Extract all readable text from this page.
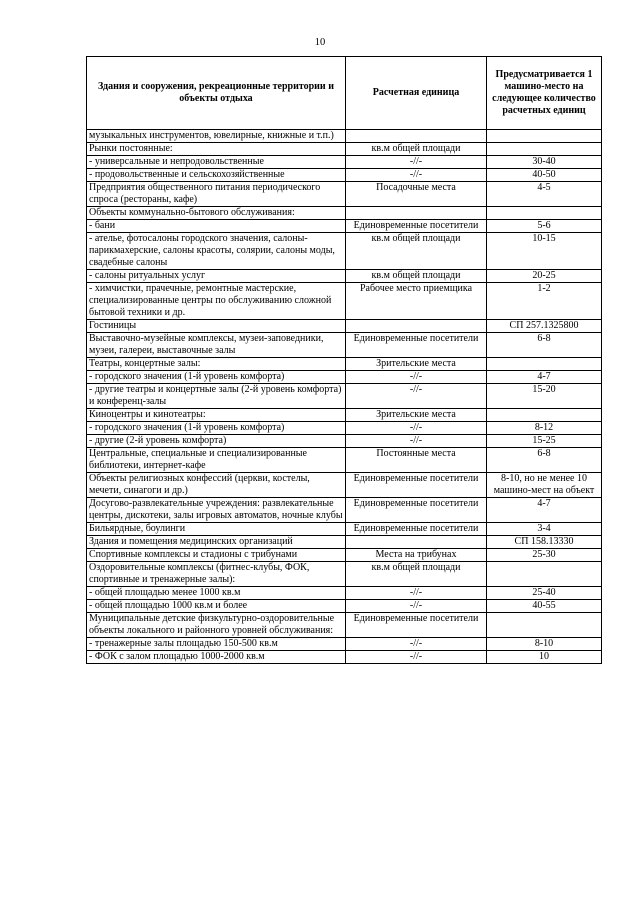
10
Здания и сооружения, рекреационные территории и объекты отдыха	Расчетная единица	Предусматривается 1 машино-место на следующее количество расчетных единиц
музыкальных инструментов, ювелирные, книжные и т.п.)		
Рынки постоянные:	кв.м общей площади	
- универсальные и непродовольственные	-//-	30-40
- продовольственные и сельскохозяйственные	-//-	40-50
Предприятия общественного питания периодического спроса (рестораны, кафе)	Посадочные места	4-5
Объекты коммунально-бытового обслуживания:		
- бани	Единовременные посетители	5-6
- ателье, фотосалоны городского значения, салоны-парикмахерские, салоны красоты, солярии, салоны моды, свадебные салоны	кв.м общей площади	10-15
- салоны ритуальных услуг	кв.м общей площади	20-25
- химчистки, прачечные, ремонтные мастерские, специализированные центры по обслуживанию сложной бытовой техники и др.	Рабочее место приемщика	1-2
Гостиницы		СП 257.1325800
Выставочно-музейные комплексы, музеи-заповедники, музеи, галереи, выставочные залы	Единовременные посетители	6-8
Театры, концертные залы:	Зрительские места	
- городского значения (1-й уровень комфорта)	-//-	4-7
- другие театры и концертные залы (2-й уровень комфорта) и конференц-залы	-//-	15-20
Киноцентры и кинотеатры:	Зрительские места	
- городского значения (1-й уровень комфорта)	-//-	8-12
- другие (2-й уровень комфорта)	-//-	15-25
Центральные, специальные и специализированные библиотеки, интернет-кафе	Постоянные места	6-8
Объекты религиозных конфессий (церкви, костелы, мечети, синагоги и др.)	Единовременные посетители	8-10, но не менее 10 машино-мест на объект
Досугово-развлекательные учреждения: развлекательные центры, дискотеки, залы игровых автоматов, ночные клубы	Единовременные посетители	4-7
Бильярдные, боулинги	Единовременные посетители	3-4
Здания и помещения медицинских организаций		СП 158.13330
Спортивные комплексы и стадионы с трибунами	Места на трибунах	25-30
Оздоровительные комплексы (фитнес-клубы, ФОК, спортивные и тренажерные залы):	кв.м общей площади	
- общей площадью менее 1000 кв.м	-//-	25-40
- общей площадью 1000 кв.м и более	-//-	40-55
Муниципальные детские физкультурно-оздоровительные объекты локального и районного уровней обслуживания:	Единовременные посетители	
- тренажерные залы площадью 150-500 кв.м	-//-	8-10
- ФОК с залом площадью 1000-2000 кв.м	-//-	10
